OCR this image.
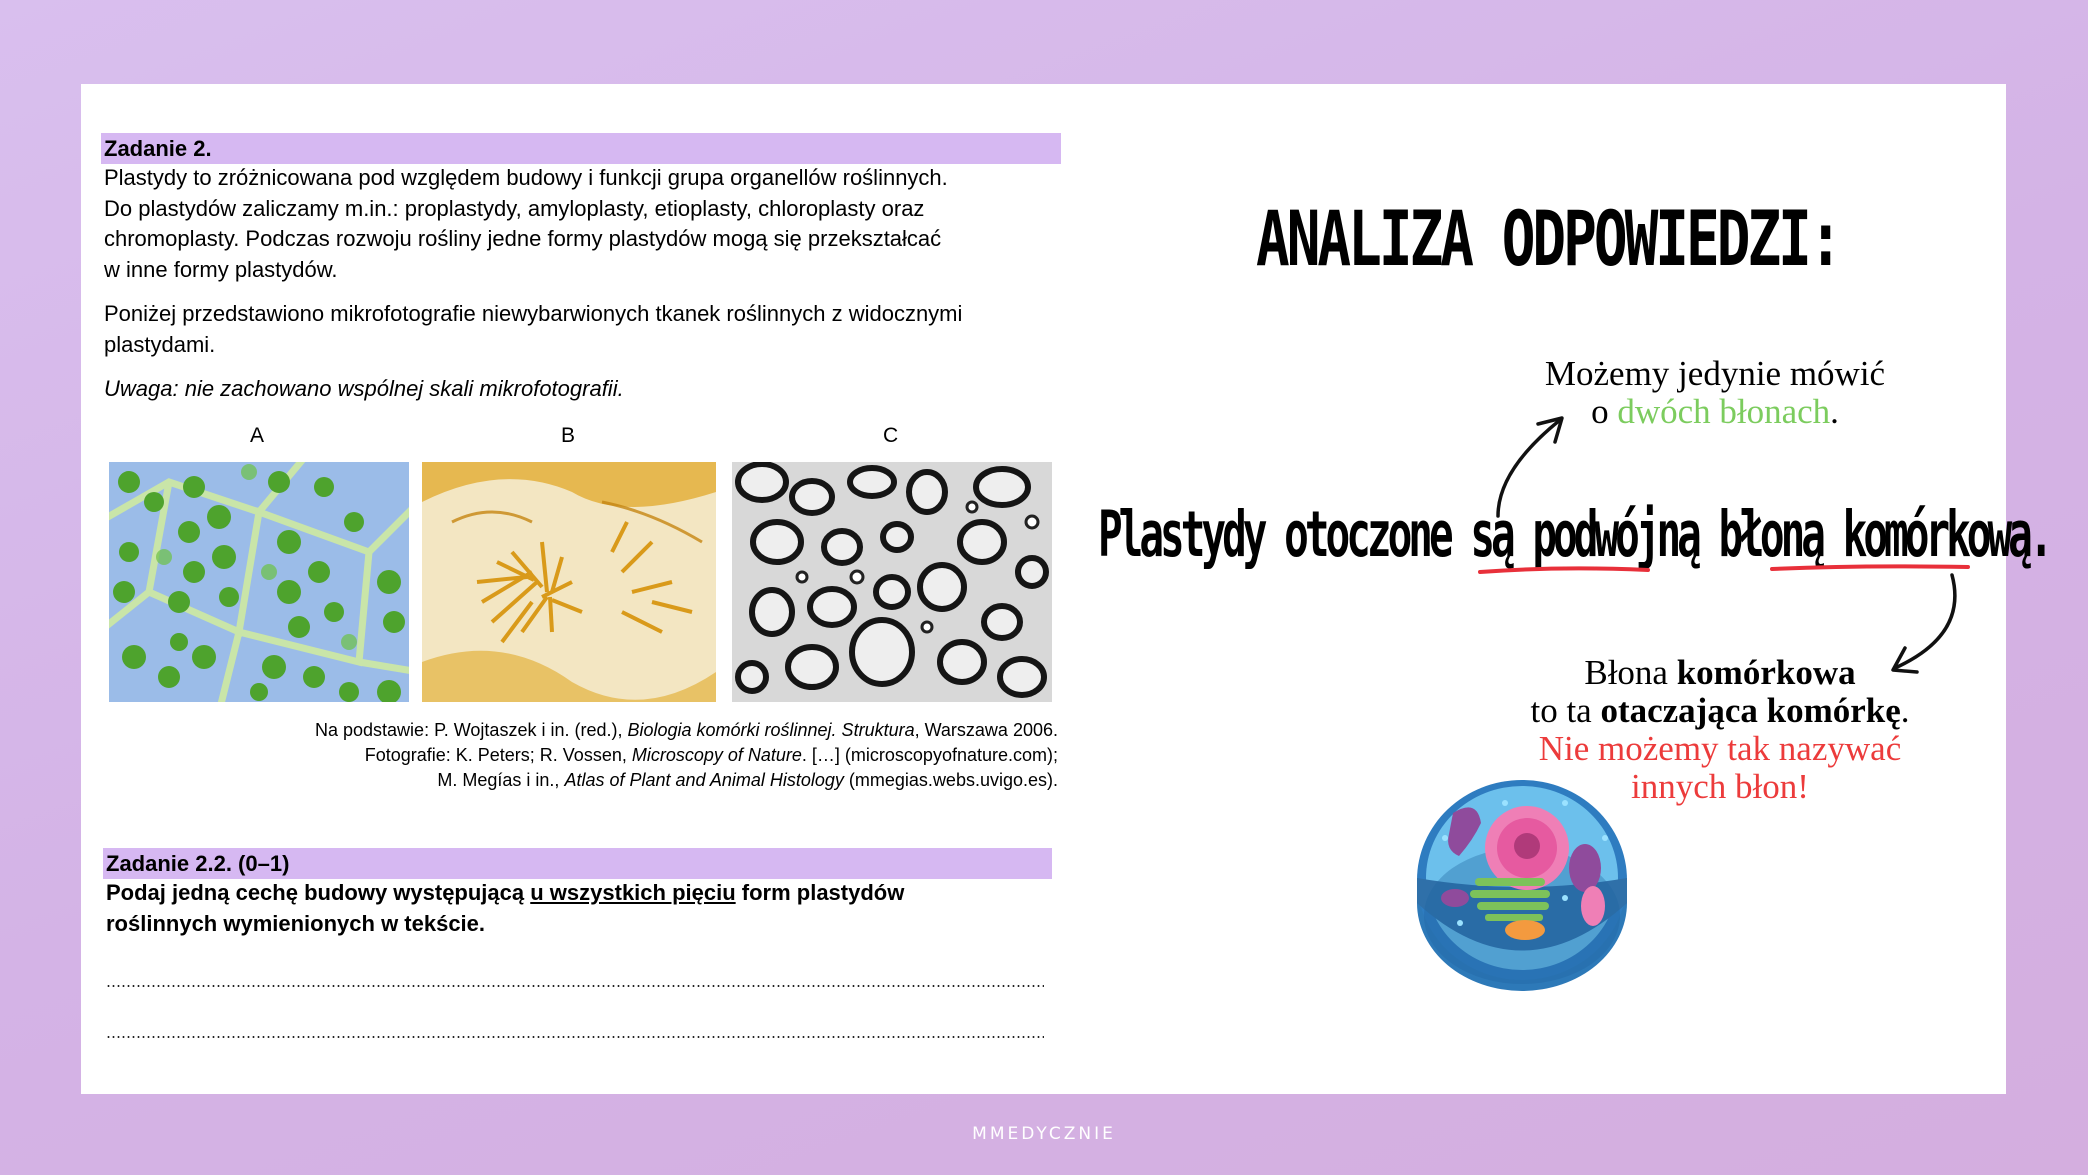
Zadanie 2.
Plastydy to zróżnicowana pod względem budowy i funkcji grupa organellów roślinnych.
Do plastydów zaliczamy m.in.: proplastydy, amyloplasty, etioplasty, chloroplasty oraz
chromoplasty. Podczas rozwoju rośliny jedne formy plastydów mogą się przekształcać
w inne formy plastydów.
Poniżej przedstawiono mikrofotografie niewybarwionych tkanek roślinnych z widocznymi
plastydami.
Uwaga: nie zachowano wspólnej skali mikrofotografii.
A	B	C
Na podstawie: P. Wojtaszek i in. (red.), Biologia komórki roślinnej. Struktura, Warszawa 2006.
Fotografie: K. Peters; R. Vossen, Microscopy of Nature. […] (microscopyofnature.com);
M. Megías i in., Atlas of Plant and Animal Histology (mmegias.webs.uvigo.es).
Zadanie 2.2. (0–1)
Podaj jedną cechę budowy występującą u wszystkich pięciu form plastydów
roślinnych wymienionych w tekście.
ANALIZA ODPOWIEDZI:
Możemy jedynie mówić
o dwóch błonach.
Plastydy otoczone są podwójną błoną komórkową.
Błona komórkowa
to ta otaczająca komórkę.
Nie możemy tak nazywać
innych błon!
MMEDYCZNIE
